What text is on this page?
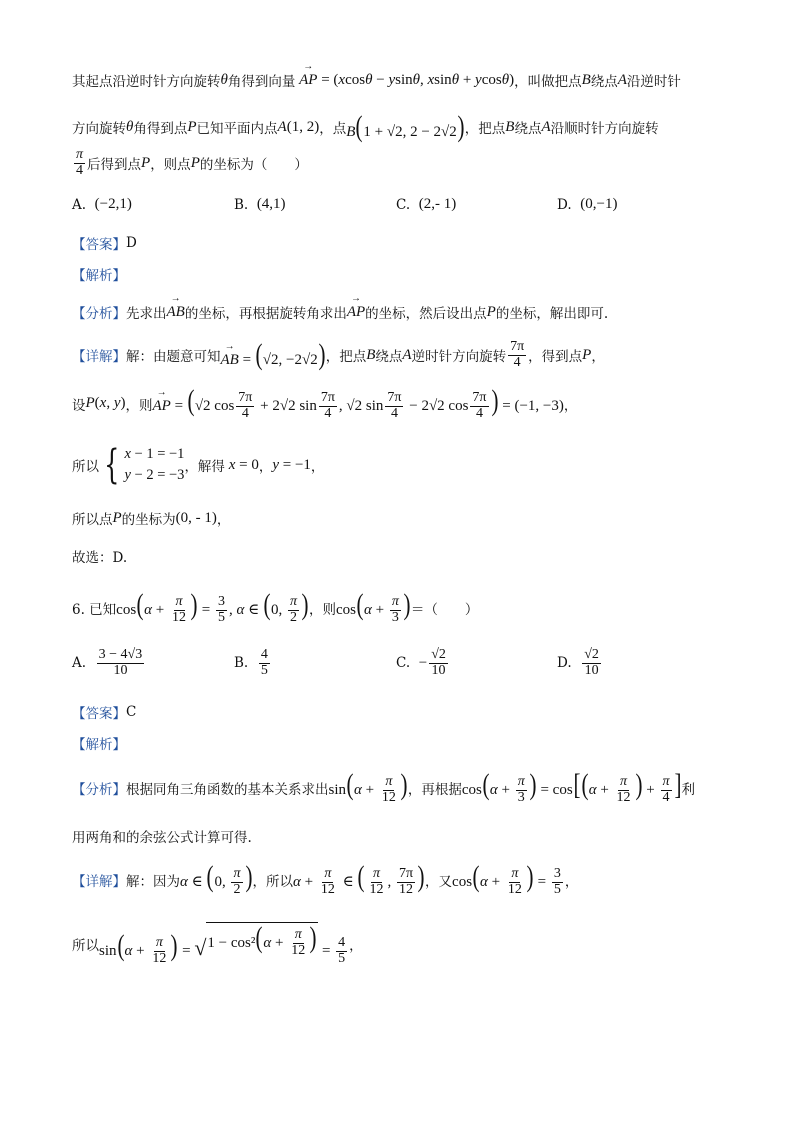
其起点沿逆时针方向旋转 θ 角得到向量 → AP = (xcosθ − ysinθ, xsinθ + ycosθ) ，叫做把点 B 绕点 A 沿逆时针
方向旋转 θ 角得到点 P 已知平面内点 A(1, 2) ，点 B(1 + √2, 2 − 2√2) ，把点 B 绕点 A 沿顺时针方向旋转
$\frac{\pi}{4}$ 后得到点 P ，则点 P 的坐标为（　　）
A.
(−2,1)	B.
(4,1)	C.
(2,- 1)	D.
(0,−1)
【答案】 D
【解析】
【分析】 先求出 → AB 的坐标，再根据旋转角求出 → AP 的坐标，然后设出点 P 的坐标，解出即可.
【详解】 解：由题意可知 → AB = (√2, −2√2) ，把点 B 绕点 A 逆时针方向旋转 $\frac{7\pi}{4}$ ，得到点 P ，
设 P(x, y) ，则 → AP = (√2 $\cos \frac{7\pi}{4} + 2√2$ $\sin \frac{7\pi}{4}$ , √2 $\sin \frac{7\pi}{4} - 2√2$ $\cos \frac{7\pi}{4}$ ) = (−1, −3) ，
所以 { x − 1 = −1
y − 2 = −3 ，解得 x = 0 ， y = −1 ，
所以点 P 的坐标为 (0, - 1) ，
故选：D.
6. 已知 $\cos(\alpha + \frac{\pi}{12}$ ) = $\frac{3}{5}$ , α ∈ (0, $\frac{\pi}{2}$ ) ，则 $\cos(\alpha + \frac{\pi}{3}$ ) ＝（　　）
A.
$\frac{3 - 4√3}{10}$	B.
$\frac{4}{5}$	C.
− $\frac{√2}{10}$	D.
$\frac{√2}{10}$
【答案】 C
【解析】
【分析】 根据同角三角函数的基本关系求出 $\sin(\alpha + \frac{\pi}{12}$ ) ，再根据 $\cos(\alpha + \frac{\pi}{3}$ ) = $\cos[(\alpha + \frac{\pi}{12}$ ) + $\frac{\pi}{4}$ ] 利
用两角和的余弦公式计算可得.
【详解】 解：因为 α ∈ (0, $\frac{\pi}{2}$ ) ，所以 $\alpha + \frac{\pi}{12}$ ∈ ( $\frac{\pi}{12}$ , $\frac{7\pi}{12}$ ) ，又 $\cos(\alpha + \frac{\pi}{12}$ ) = $\frac{3}{5}$ ，
所以 $\sin(\alpha + \frac{\pi}{12}$ ) = √ $1 - \cos^2(\alpha + \frac{\pi}{12}$ ) = $\frac{4}{5}$ ，
